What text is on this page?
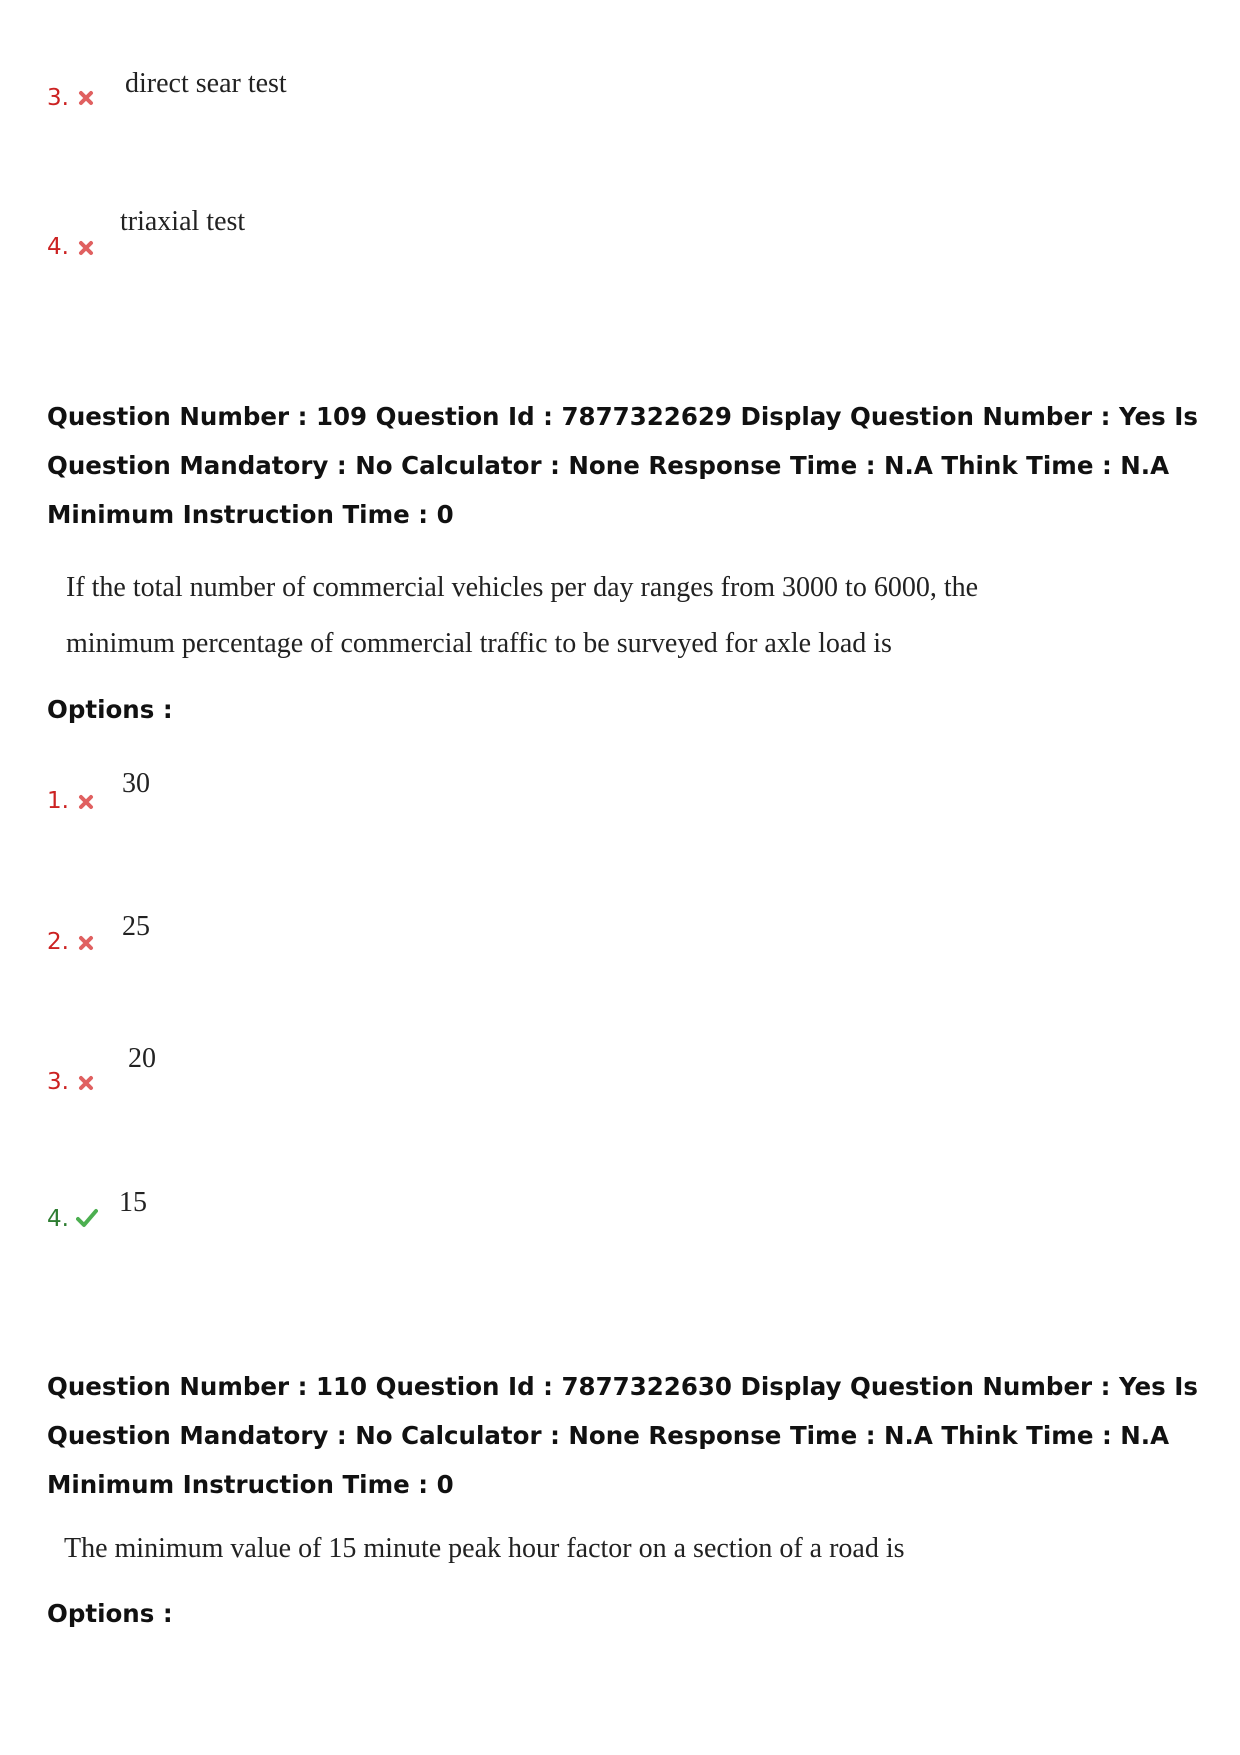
3. direct sear test
4.
triaxial test
Question Number : 109 Question Id : 7877322629 Display Question Number : Yes Is Question Mandatory : No Calculator : None Response Time : N.A Think Time : N.A Minimum Instruction Time : 0
If the total number of commercial vehicles per day ranges from 3000 to 6000, the
minimum percentage of commercial traffic to be surveyed for axle load is
Options :
1.
30
2. 25
3.
20
4.
15
Question Number : 110 Question Id : 7877322630 Display Question Number : Yes Is Question Mandatory : No Calculator : None Response Time : N.A Think Time : N.A Minimum Instruction Time : 0
The minimum value of 15 minute peak hour factor on a section of a road is
Options :
